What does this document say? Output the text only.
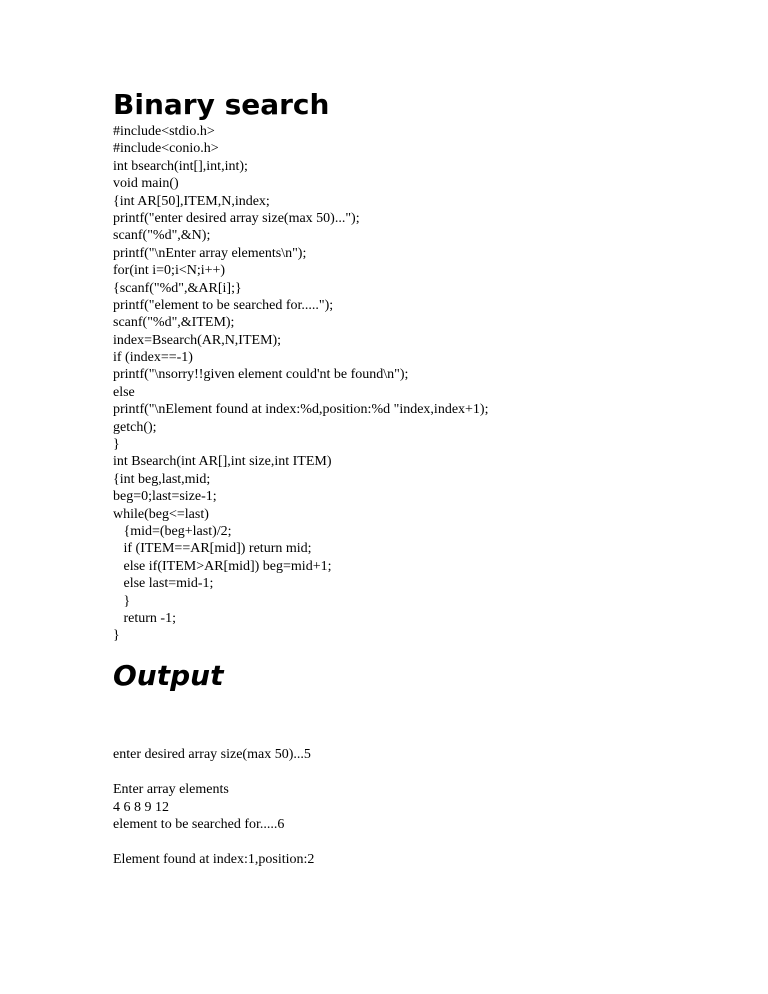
Binary search
#include<stdio.h>
#include<conio.h>
int bsearch(int[],int,int);
void main()
{int AR[50],ITEM,N,index;
printf("enter desired array size(max 50)...");
scanf("%d",&N);
printf("\nEnter array elements\n");
for(int i=0;i<N;i++)
{scanf("%d",&AR[i];}
printf("element to be searched for.....");
scanf("%d",&ITEM);
index=Bsearch(AR,N,ITEM);
if (index==-1)
printf("\nsorry!!given element could'nt be found\n");
else
printf("\nElement found at index:%d,position:%d "index,index+1);
getch();
}
int Bsearch(int AR[],int size,int ITEM)
{int beg,last,mid;
beg=0;last=size-1;
while(beg<=last)
{mid=(beg+last)/2;
if (ITEM==AR[mid]) return mid;
else if(ITEM>AR[mid]) beg=mid+1;
else last=mid-1;
}
return -1;
}
Output
enter desired array size(max 50)...5
Enter array elements
4 6 8 9 12
element to be searched for.....6
Element found at index:1,position:2
